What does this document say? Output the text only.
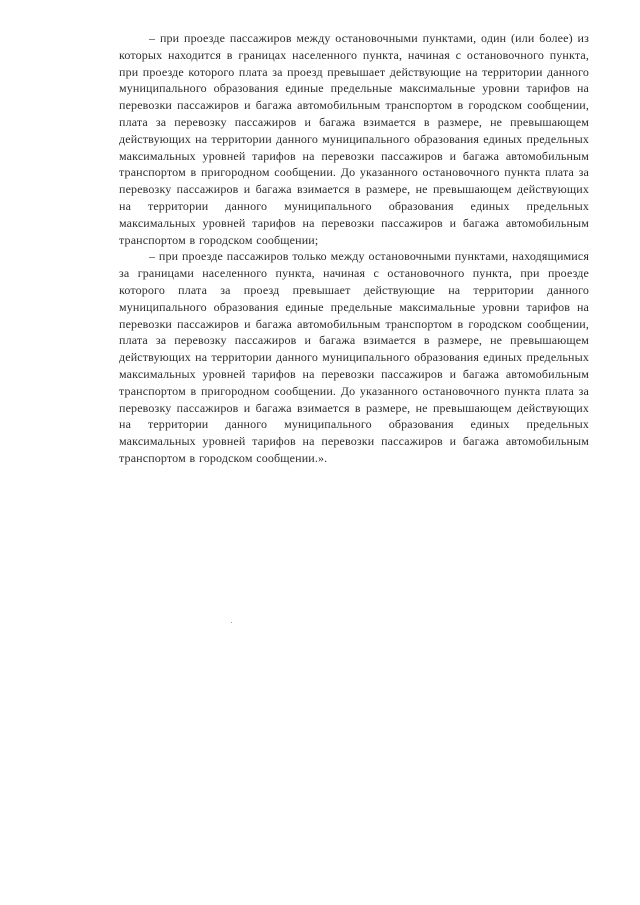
– при проезде пассажиров между остановочными пунктами, один (или более) из которых находится в границах населенного пункта, начиная с остановочного пункта, при проезде которого плата за проезд превышает действующие на территории данного муниципального образования единые предельные максимальные уровни тарифов на перевозки пассажиров и багажа автомобильным транспортом в городском сообщении, плата за перевозку пассажиров и багажа взимается в размере, не превышающем действующих на территории данного муниципального образования единых предельных максимальных уровней тарифов на перевозки пассажиров и багажа автомобильным транспортом в пригородном сообщении. До указанного остановочного пункта плата за перевозку пассажиров и багажа взимается в размере, не превышающем действующих на территории данного муниципального образования единых предельных максимальных уровней тарифов на перевозки пассажиров и багажа автомобильным транспортом в городском сообщении;

– при проезде пассажиров только между остановочными пунктами, находящимися за границами населенного пункта, начиная с остановочного пункта, при проезде которого плата за проезд превышает действующие на территории данного муниципального образования единые предельные максимальные уровни тарифов на перевозки пассажиров и багажа автомобильным транспортом в городском сообщении, плата за перевозку пассажиров и багажа взимается в размере, не превышающем действующих на территории данного муниципального образования единых предельных максимальных уровней тарифов на перевозки пассажиров и багажа автомобильным транспортом в пригородном сообщении. До указанного остановочного пункта плата за перевозку пассажиров и багажа взимается в размере, не превышающем действующих на территории данного муниципального образования единых предельных максимальных уровней тарифов на перевозки пассажиров и багажа автомобильным транспортом в городском сообщении.».
